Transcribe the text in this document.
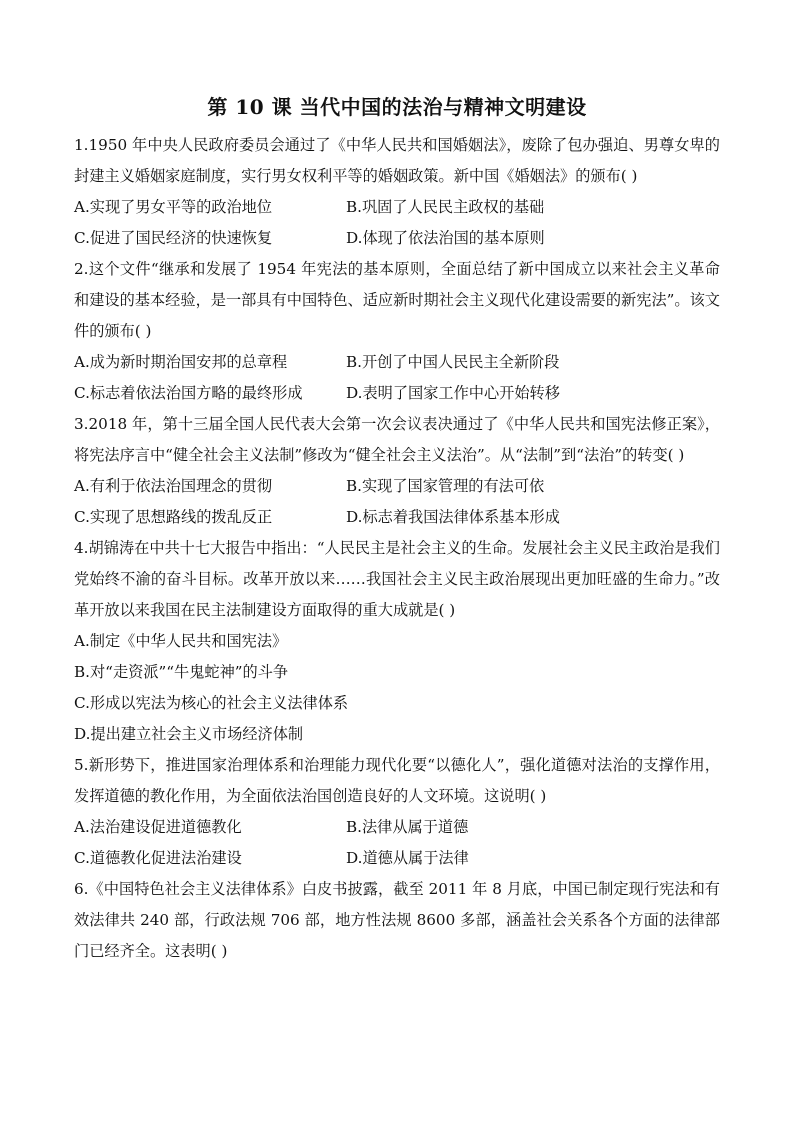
第 10 课 当代中国的法治与精神文明建设

1.1950 年中央人民政府委员会通过了《中华人民共和国婚姻法》，废除了包办强迫、男尊女卑的封建主义婚姻家庭制度，实行男女权利平等的婚姻政策。新中国《婚姻法》的颁布( )

A.实现了男女平等的政治地位	B.巩固了人民民主政权的基础
C.促进了国民经济的快速恢复	D.体现了依法治国的基本原则

2.这个文件“继承和发展了 1954 年宪法的基本原则，全面总结了新中国成立以来社会主义革命和建设的基本经验，是一部具有中国特色、适应新时期社会主义现代化建设需要的新宪法”。该文件的颁布( )

A.成为新时期治国安邦的总章程	B.开创了中国人民民主全新阶段
C.标志着依法治国方略的最终形成	D.表明了国家工作中心开始转移

3.2018 年，第十三届全国人民代表大会第一次会议表决通过了《中华人民共和国宪法修正案》，将宪法序言中“健全社会主义法制”修改为“健全社会主义法治”。从“法制”到“法治”的转变( )

A.有利于依法治国理念的贯彻	B.实现了国家管理的有法可依
C.实现了思想路线的拨乱反正	D.标志着我国法律体系基本形成

4.胡锦涛在中共十七大报告中指出：“人民民主是社会主义的生命。发展社会主义民主政治是我们党始终不渝的奋斗目标。改革开放以来……我国社会主义民主政治展现出更加旺盛的生命力。”改革开放以来我国在民主法制建设方面取得的重大成就是( )

A.制定《中华人民共和国宪法》
B.对“走资派”“牛鬼蛇神”的斗争
C.形成以宪法为核心的社会主义法律体系
D.提出建立社会主义市场经济体制

5.新形势下，推进国家治理体系和治理能力现代化要“以德化人”，强化道德对法治的支撑作用，发挥道德的教化作用，为全面依法治国创造良好的人文环境。这说明( )

A.法治建设促进道德教化	B.法律从属于道德
C.道德教化促进法治建设	D.道德从属于法律

6.《中国特色社会主义法律体系》白皮书披露，截至 2011 年 8 月底，中国已制定现行宪法和有效法律共 240 部，行政法规 706 部，地方性法规 8600 多部，涵盖社会关系各个方面的法律部门已经齐全。这表明( )
